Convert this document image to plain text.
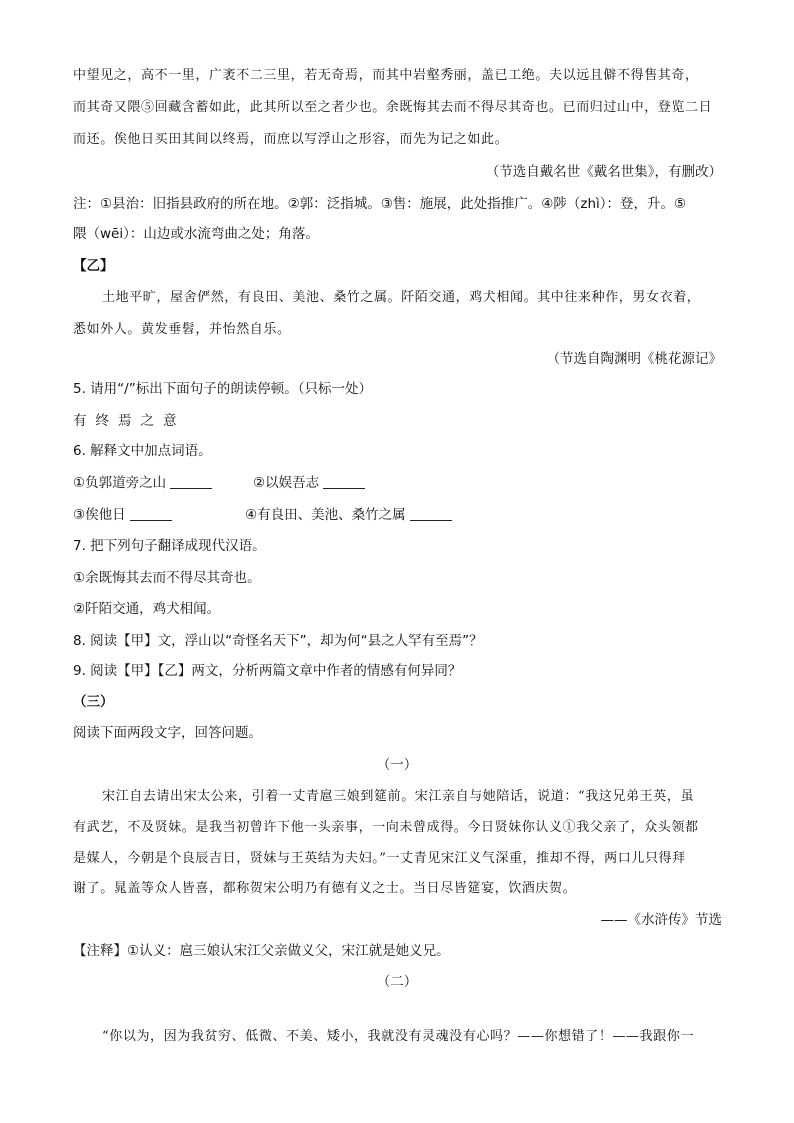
中望见之，高不一里，广袤不二三里，若无奇焉，而其中岩壑秀丽，盖已工绝。夫以远且僻不得售其奇，
而其奇又隈⑤回藏含蓄如此，此其所以至之者少也。余既悔其去而不得尽其奇也。已而归过山中，登览二日
而还。俟他日买田其间以终焉，而庶以写浮山之形容，而先为记之如此。
（节选自戴名世《戴名世集》，有删改）
注：①县治：旧指县政府的所在地。②郭：泛指城。③售：施展，此处指推广。④陟（zhì）：登，升。⑤
隈（wēi）：山边或水流弯曲之处；角落。
【乙】
土地平旷，屋舍俨然，有良田、美池、桑竹之属。阡陌交通，鸡犬相闻。其中往来种作，男女衣着，
悉如外人。黄发垂髫，并怡然自乐。
（节选自陶渊明《桃花源记》
5. 请用“/”标出下面句子的朗读停顿。（只标一处）
有终焉之意
6. 解释文中加点词语。
①负郭道旁之山	②以娱吾志
③俟他日	④有良田、美池、桑竹之属
7. 把下列句子翻译成现代汉语。
①余既悔其去而不得尽其奇也。
②阡陌交通，鸡犬相闻。
8. 阅读【甲】文，浮山以“奇怪名天下”，却为何“县之人罕有至焉”？
9. 阅读【甲】【乙】两文，分析两篇文章中作者的情感有何异同？
（三）
阅读下面两段文字，回答问题。
（一）
宋江自去请出宋太公来，引着一丈青扈三娘到筵前。宋江亲自与她陪话，说道：“我这兄弟王英，虽
有武艺，不及贤妹。是我当初曾许下他一头亲事，一向未曾成得。今日贤妹你认义①我父亲了，众头领都
是媒人，今朝是个良辰吉日，贤妹与王英结为夫妇。”一丈青见宋江义气深重，推却不得，两口儿只得拜
谢了。晁盖等众人皆喜，都称贺宋公明乃有德有义之士。当日尽皆筵宴，饮酒庆贺。
——《水浒传》节选
【注释】①认义：扈三娘认宋江父亲做义父，宋江就是她义兄。
（二）
“你以为，因为我贫穷、低微、不美、矮小，我就没有灵魂没有心吗？——你想错了！——我跟你一
